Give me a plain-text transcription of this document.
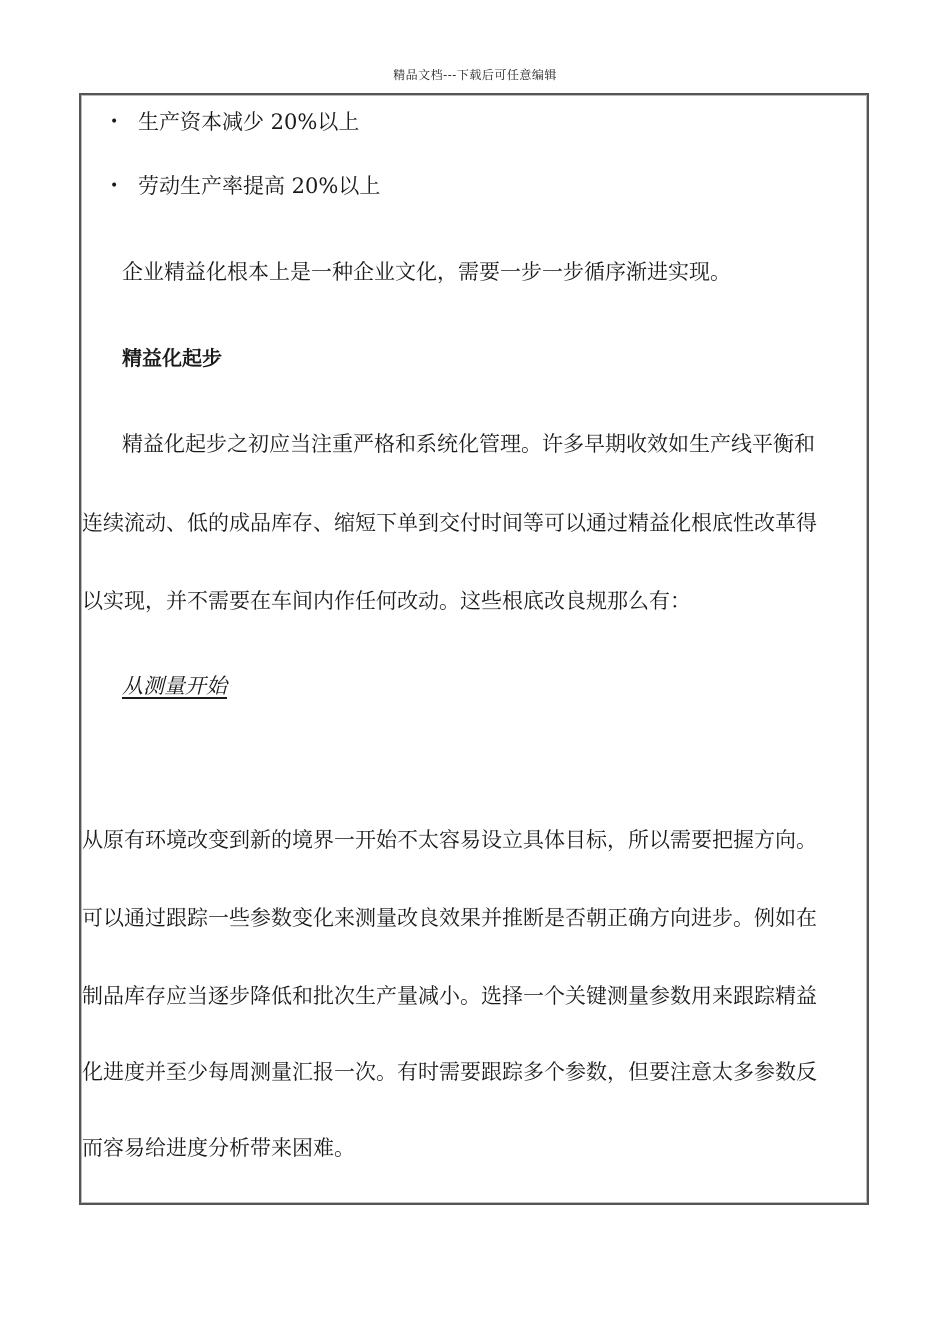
精品文档---下载后可任意编辑
• 生产资本减少 20%以上
• 劳动生产率提高 20%以上
企业精益化根本上是一种企业文化，需要一步一步循序渐进实现。
精益化起步
精益化起步之初应当注重严格和系统化管理。许多早期收效如生产线平衡和
连续流动、低的成品库存、缩短下单到交付时间等可以通过精益化根底性改革得
以实现，并不需要在车间内作任何改动。这些根底改良规那么有：
从测量开始
从原有环境改变到新的境界一开始不太容易设立具体目标，所以需要把握方向。
可以通过跟踪一些参数变化来测量改良效果并推断是否朝正确方向进步。例如在
制品库存应当逐步降低和批次生产量减小。选择一个关键测量参数用来跟踪精益
化进度并至少每周测量汇报一次。有时需要跟踪多个参数，但要注意太多参数反
而容易给进度分析带来困难。
